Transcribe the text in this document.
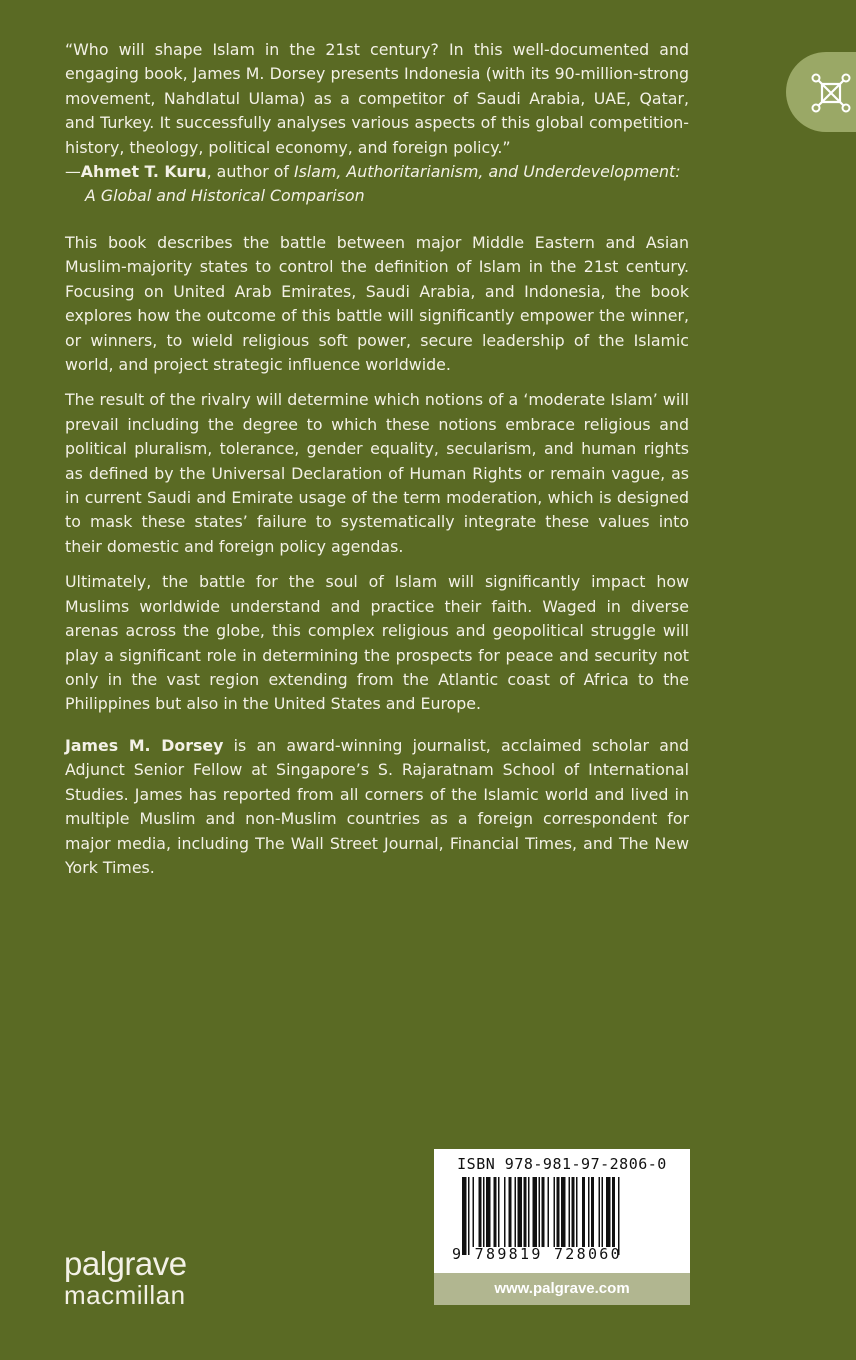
“Who will shape Islam in the 21st century? In this well-documented and engaging book, James M. Dorsey presents Indonesia (with its 90-million-strong movement, Nahdlatul Ulama) as a competitor of Saudi Arabia, UAE, Qatar, and Turkey. It successfully analyses various aspects of this global competition-history, theology, political economy, and foreign policy.”
—Ahmet T. Kuru, author of Islam, Authoritarianism, and Underdevelopment:
A Global and Historical Comparison

This book describes the battle between major Middle Eastern and Asian Muslim-majority states to control the definition of Islam in the 21st century. Focusing on United Arab Emirates, Saudi Arabia, and Indonesia, the book explores how the outcome of this battle will significantly empower the winner, or winners, to wield religious soft power, secure leadership of the Islamic world, and project strategic influence worldwide.

The result of the rivalry will determine which notions of a ‘moderate Islam’ will prevail including the degree to which these notions embrace religious and political pluralism, tolerance, gender equality, secularism, and human rights as defined by the Universal Declaration of Human Rights or remain vague, as in current Saudi and Emirate usage of the term moderation, which is designed to mask these states’ failure to systematically integrate these values into their domestic and foreign policy agendas.

Ultimately, the battle for the soul of Islam will significantly impact how Muslims worldwide understand and practice their faith. Waged in diverse arenas across the globe, this complex religious and geopolitical struggle will play a significant role in determining the prospects for peace and security not only in the vast region extending from the Atlantic coast of Africa to the Philippines but also in the United States and Europe.

James M. Dorsey is an award-winning journalist, acclaimed scholar and Adjunct Senior Fellow at Singapore’s S. Rajaratnam School of International Studies. James has reported from all corners of the Islamic world and lived in multiple Muslim and non-Muslim countries as a foreign correspondent for major media, including The Wall Street Journal, Financial Times, and The New York Times.

ISBN 978-981-97-2806-0
9 789819 728060
www.palgrave.com
palgrave
macmillan
